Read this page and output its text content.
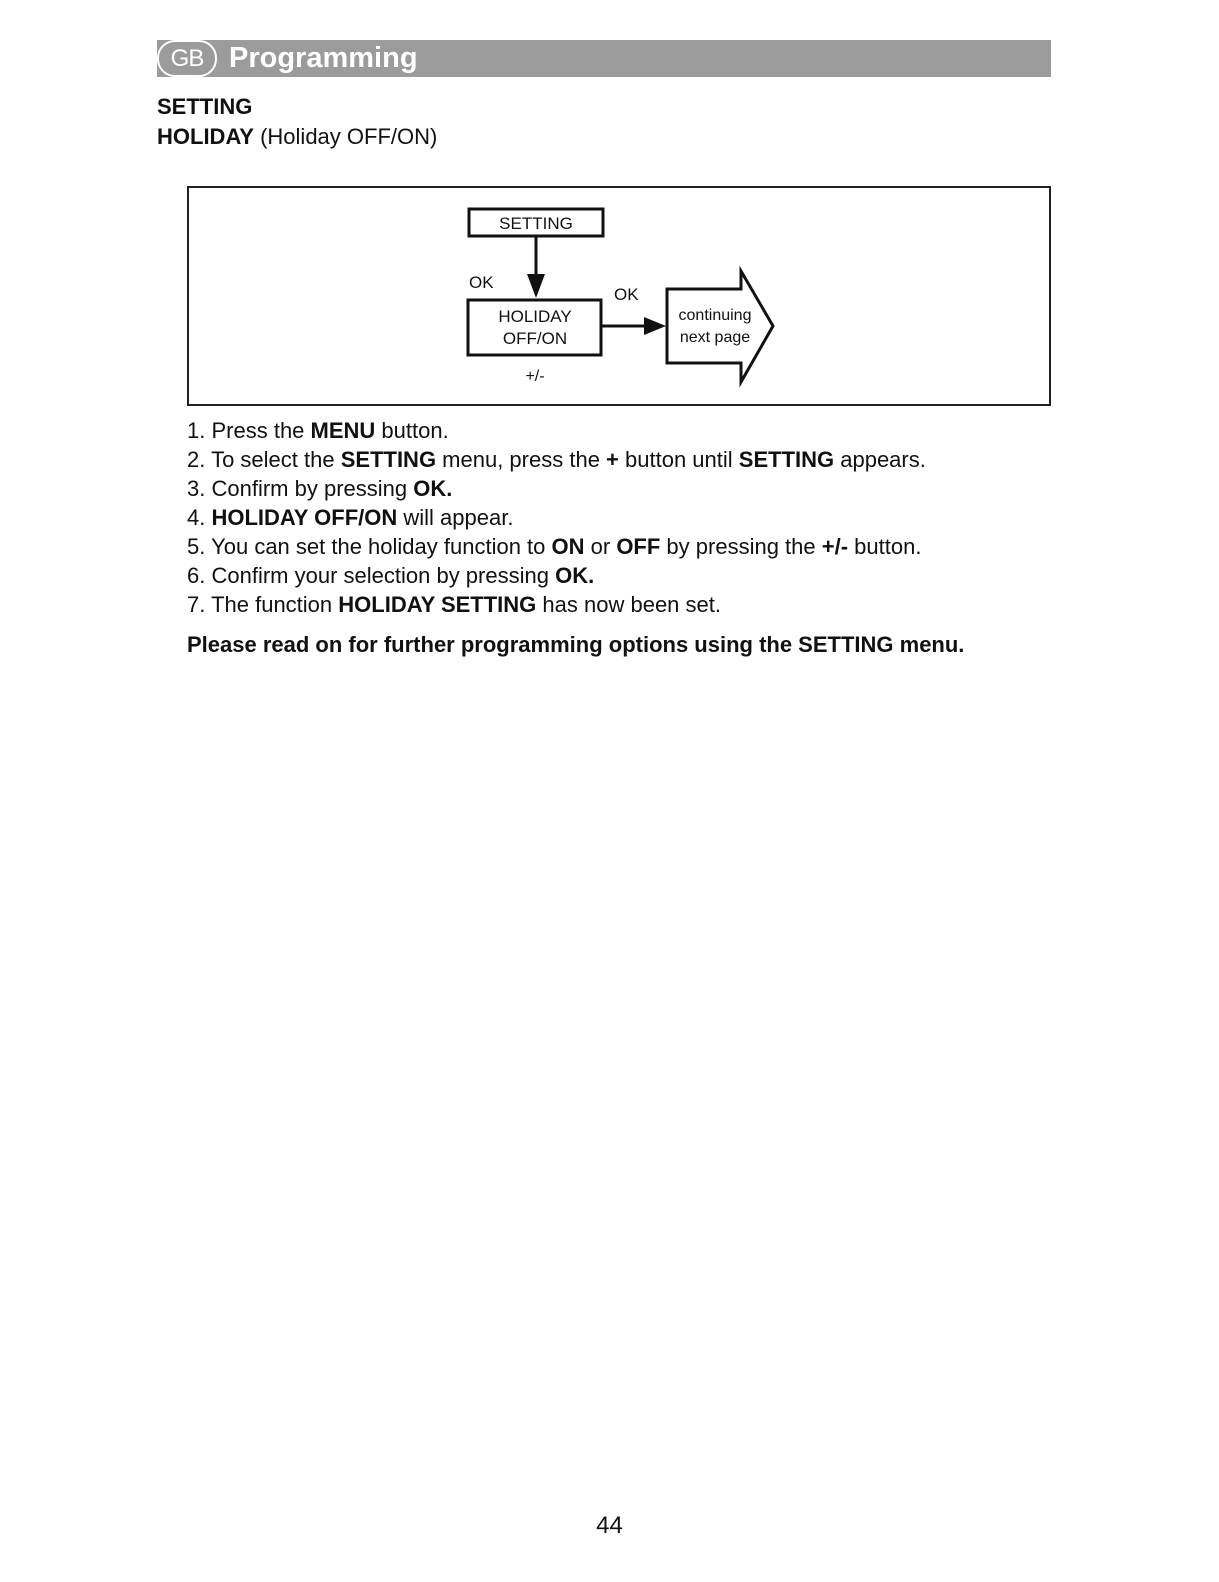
GB Programming
SETTING
HOLIDAY (Holiday OFF/ON)
SETTING
OK
HOLIDAY
OFF/ON
+/-
OK
continuing
next page
1. Press the MENU button.
2. To select the SETTING menu, press the + button until SETTING appears.
3. Confirm by pressing OK.
4. HOLIDAY OFF/ON will appear.
5. You can set the holiday function to ON or OFF by pressing the +/- button.
6. Confirm your selection by pressing OK.
7. The function HOLIDAY SETTING has now been set.
Please read on for further programming options using the SETTING menu.
44
